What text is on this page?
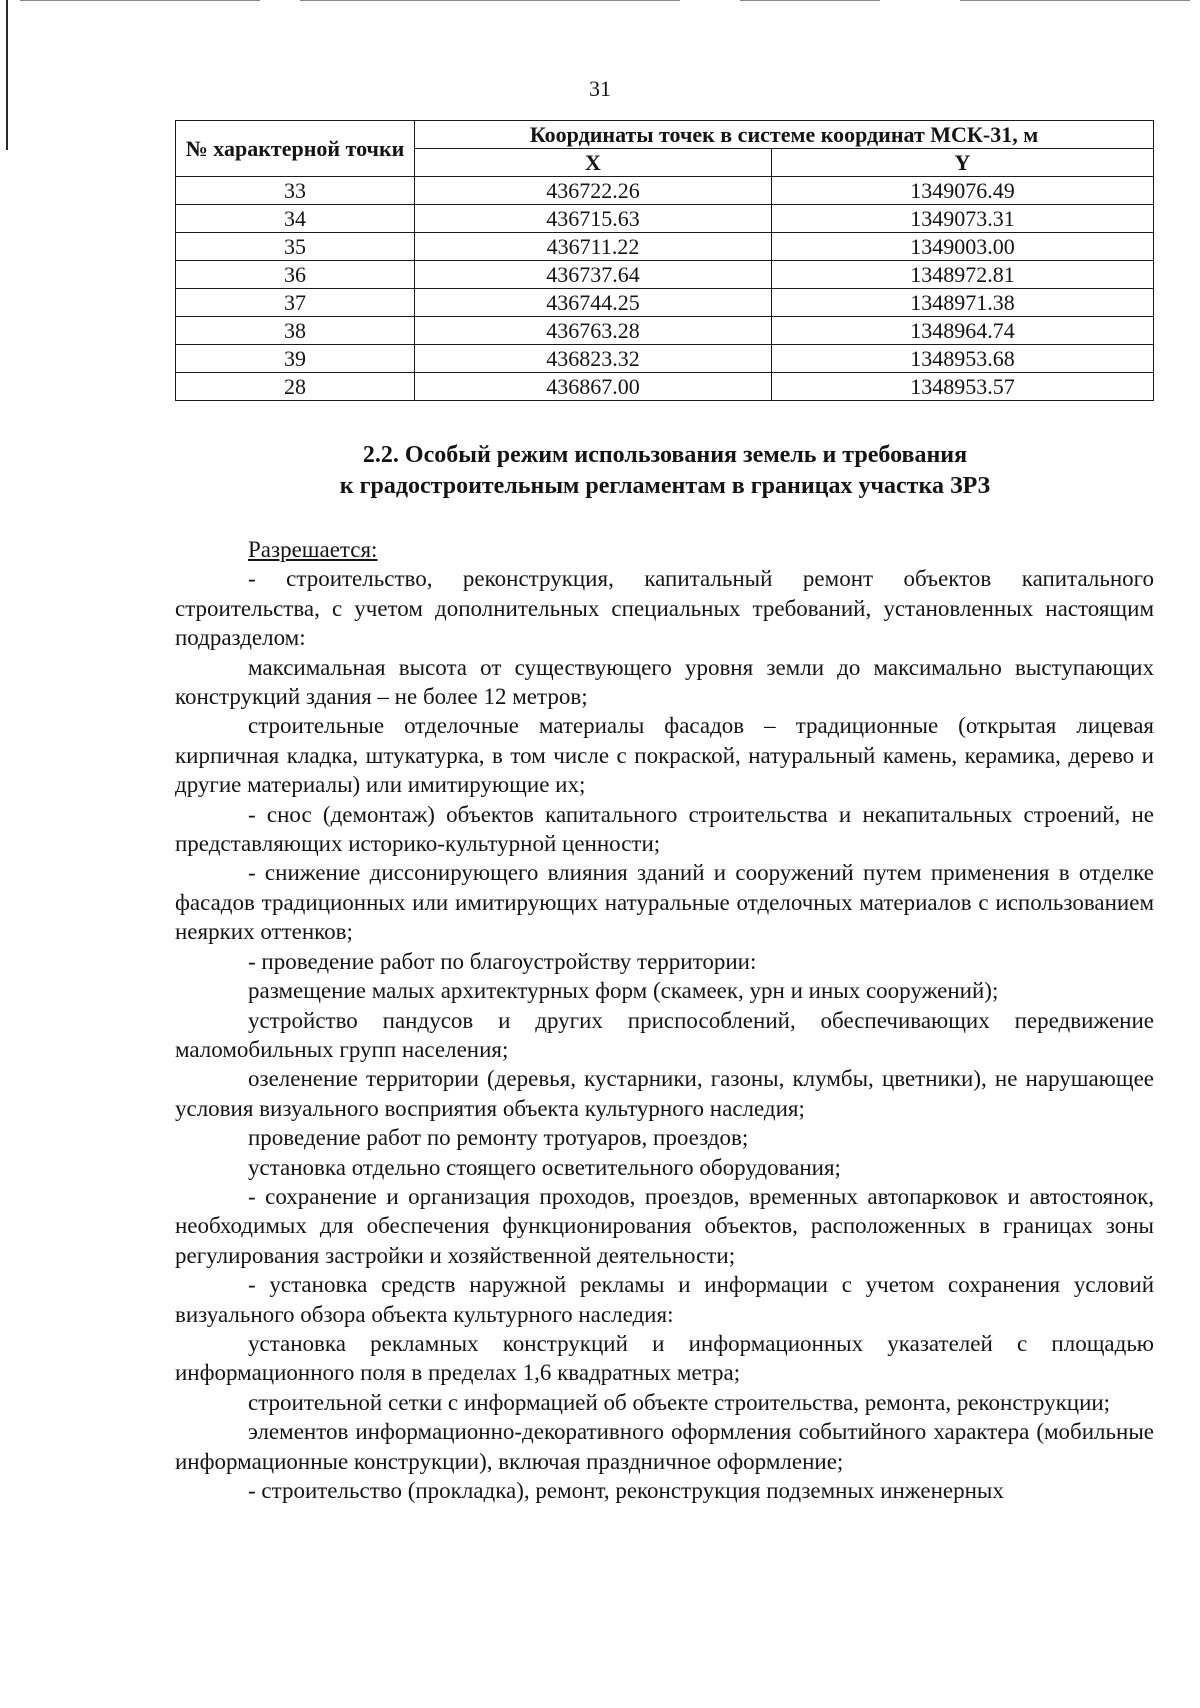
31
№ характерной точки	Координаты точек в системе координат МСК-31, м	
	X	Y
33	436722.26	1349076.49
34	436715.63	1349073.31
35	436711.22	1349003.00
36	436737.64	1348972.81
37	436744.25	1348971.38
38	436763.28	1348964.74
39	436823.32	1348953.68
28	436867.00	1348953.57
2.2. Особый режим использования земель и требования
к градостроительным регламентам в границах участка ЗРЗ

Разрешается:

- строительство, реконструкция, капитальный ремонт объектов капитального строительства, с учетом дополнительных специальных требований, установленных настоящим подразделом:

максимальная высота от существующего уровня земли до максимально выступающих конструкций здания – не более 12 метров;

строительные отделочные материалы фасадов – традиционные (открытая лицевая кирпичная кладка, штукатурка, в том числе с покраской, натуральный камень, керамика, дерево и другие материалы) или имитирующие их;

- снос (демонтаж) объектов капитального строительства и некапитальных строений, не представляющих историко-культурной ценности;

- снижение диссонирующего влияния зданий и сооружений путем применения в отделке фасадов традиционных или имитирующих натуральные отделочных материалов с использованием неярких оттенков;

- проведение работ по благоустройству территории:

размещение малых архитектурных форм (скамеек, урн и иных сооружений);

устройство пандусов и других приспособлений, обеспечивающих передвижение маломобильных групп населения;

озеленение территории (деревья, кустарники, газоны, клумбы, цветники), не нарушающее условия визуального восприятия объекта культурного наследия;

проведение работ по ремонту тротуаров, проездов;

установка отдельно стоящего осветительного оборудования;

- сохранение и организация проходов, проездов, временных автопарковок и автостоянок, необходимых для обеспечения функционирования объектов, расположенных в границах зоны регулирования застройки и хозяйственной деятельности;

- установка средств наружной рекламы и информации с учетом сохранения условий визуального обзора объекта культурного наследия:

установка рекламных конструкций и информационных указателей с площадью информационного поля в пределах 1,6 квадратных метра;

строительной сетки с информацией об объекте строительства, ремонта, реконструкции;

элементов информационно-декоративного оформления событийного характера (мобильные информационные конструкции), включая праздничное оформление;

- строительство (прокладка), ремонт, реконструкция подземных инженерных
